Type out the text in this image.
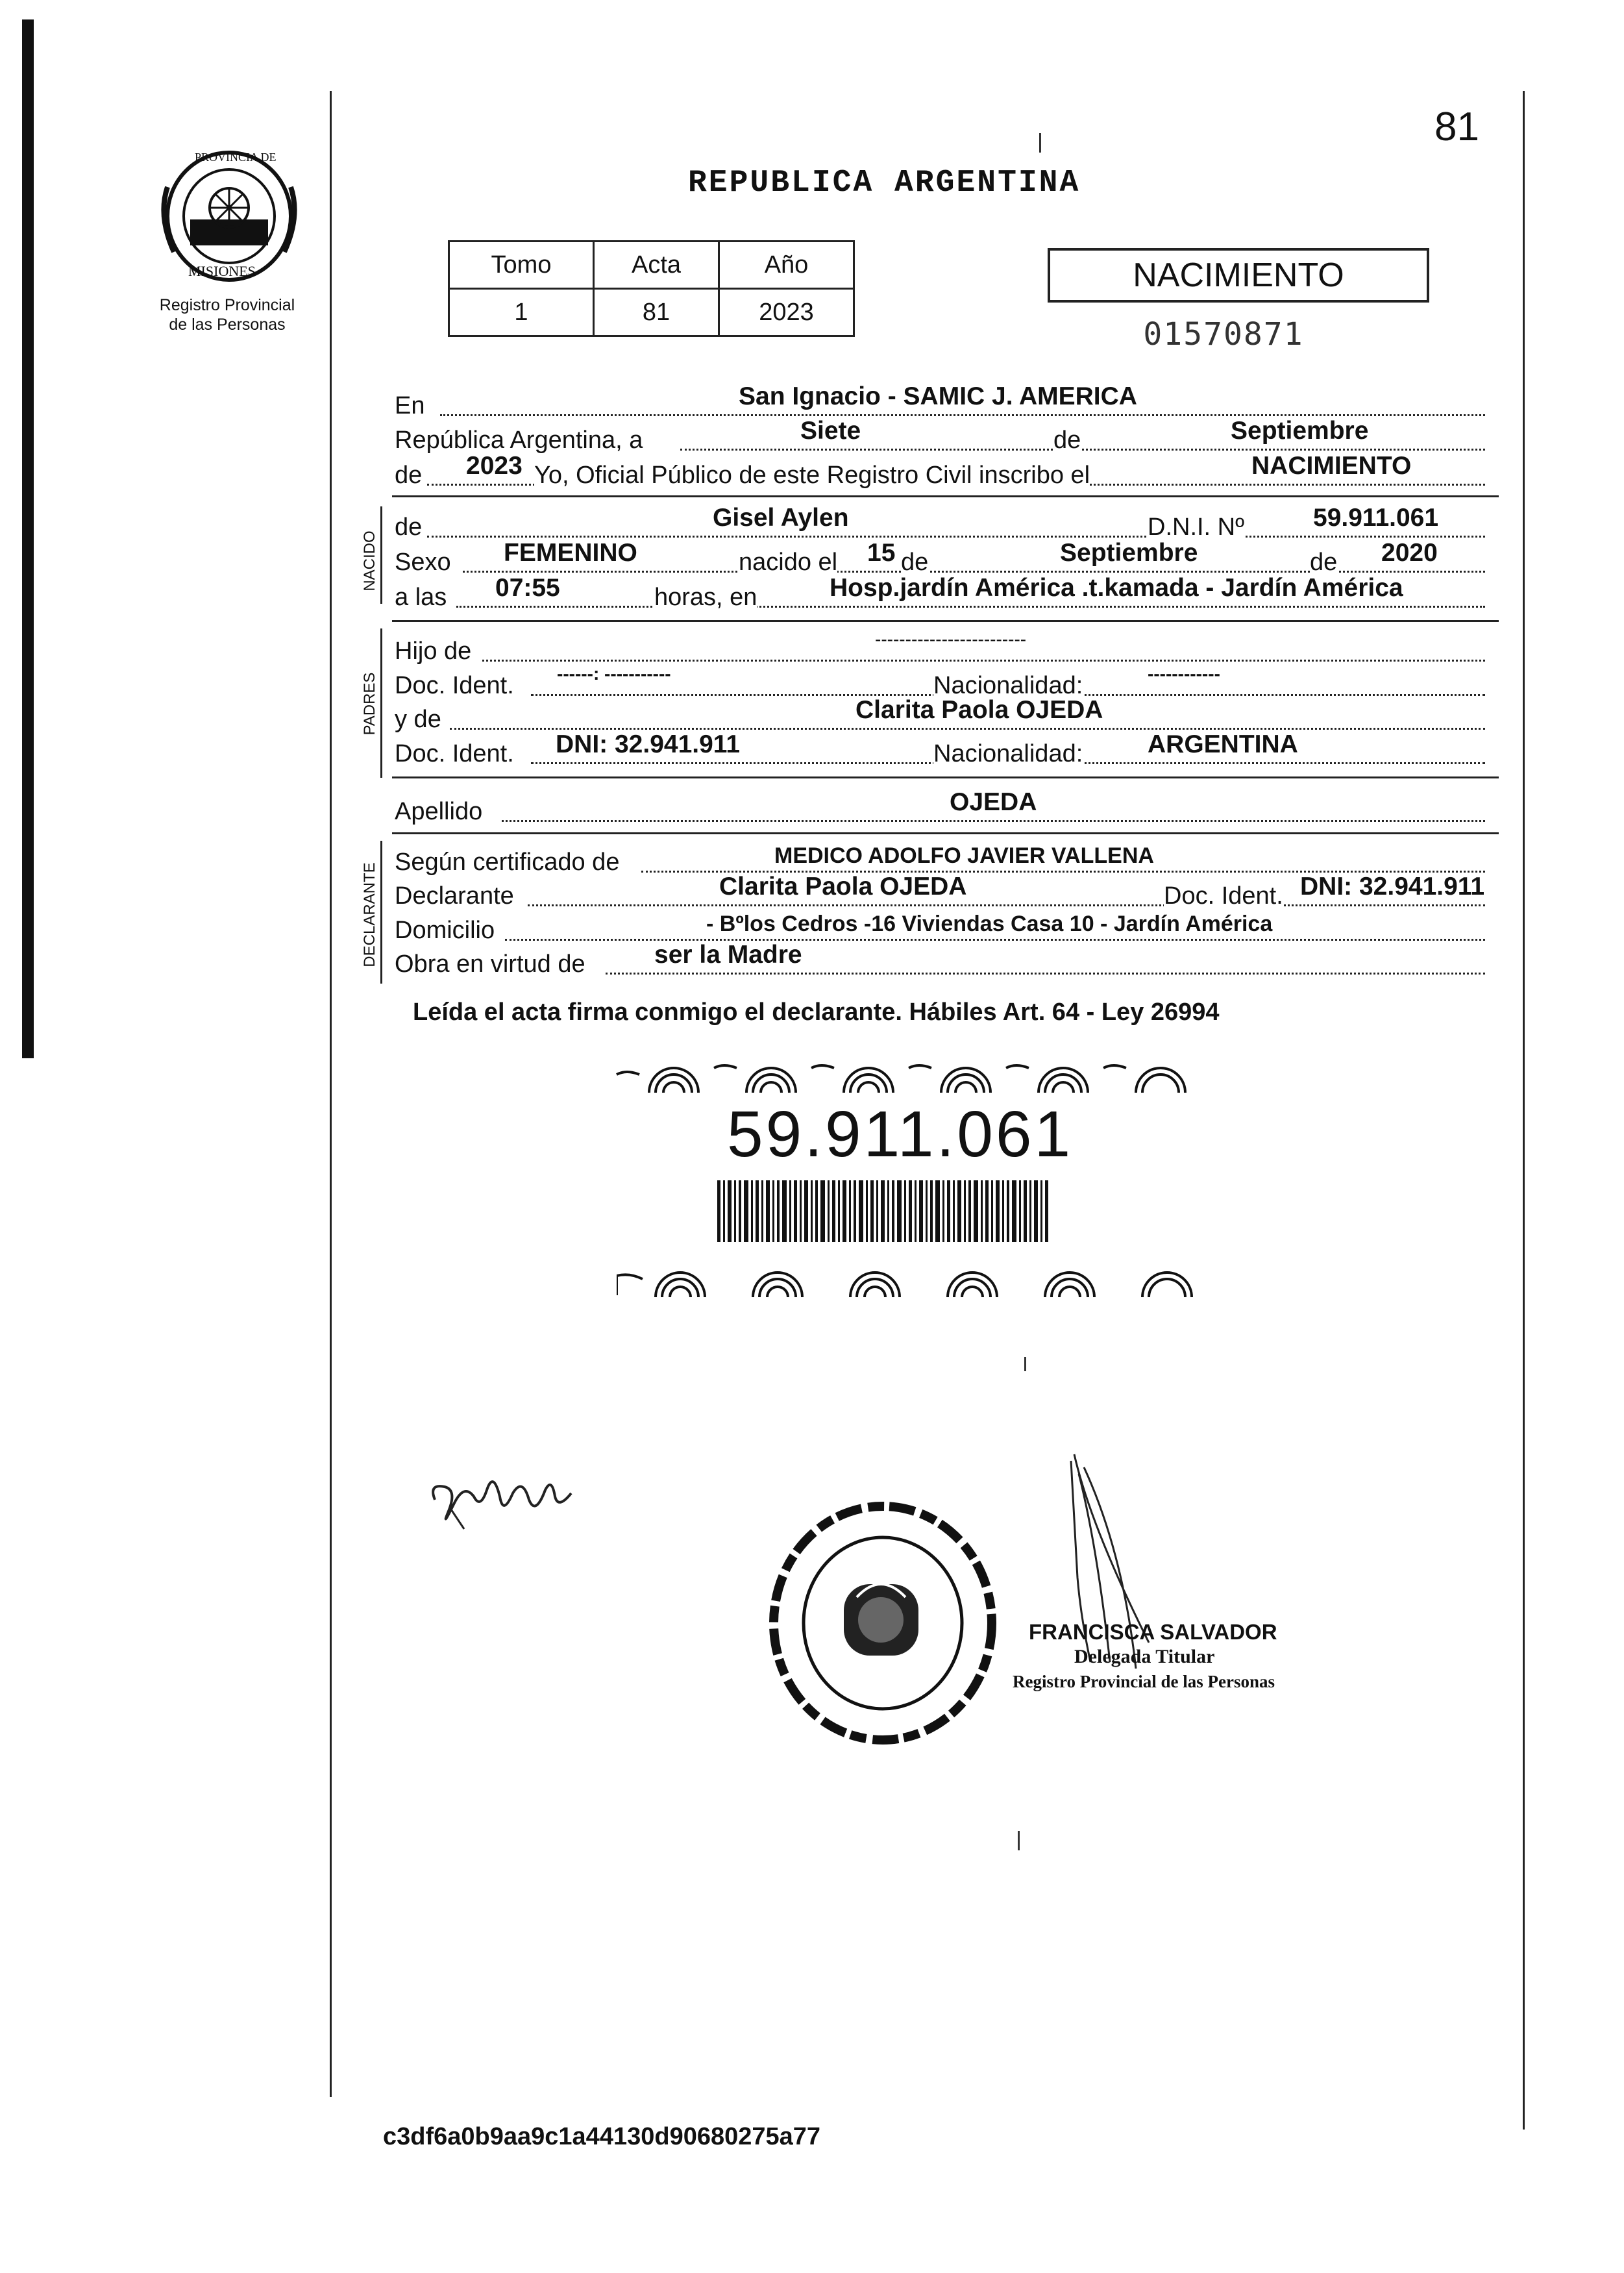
PROVINCIA DE
MISIONES
Registro Provincial
de las Personas
81
REPUBLICA ARGENTINA
Tomo	Acta	Año
1	81	2023
NACIMIENTO
01570871
En	San Ignacio - SAMIC J. AMERICA
República Argentina, a	Siete	de	Septiembre
de 2023 Yo, Oficial Público de este Registro Civil inscribo el	NACIMIENTO
NACIDO
de	Gisel Aylen	D.N.I. Nº	59.911.061
Sexo FEMENINO	nacido el 15 de	Septiembre	de 2020
a las 07:55	horas, en	Hosp.jardín América .t.kamada - Jardín América
PADRES
Hijo de	-------------------------
Doc. Ident. ------: -----------	Nacionalidad:	------------
y de	Clarita Paola OJEDA
Doc. Ident. DNI: 32.941.911	Nacionalidad:	ARGENTINA
Apellido	OJEDA
DECLARANTE
Según certificado de	MEDICO ADOLFO JAVIER VALLENA
Declarante	Clarita Paola OJEDA	Doc. Ident. DNI: 32.941.911
Domicilio	- Bºlos Cedros -16 Viviendas Casa 10 - Jardín América
Obra en virtud de	ser la Madre
Leída el acta firma conmigo el declarante. Hábiles Art. 64 - Ley 26994
59.911.061
FRANCISCA SALVADOR
Delegada Titular
Registro Provincial de las Personas
c3df6a0b9aa9c1a44130d90680275a77
